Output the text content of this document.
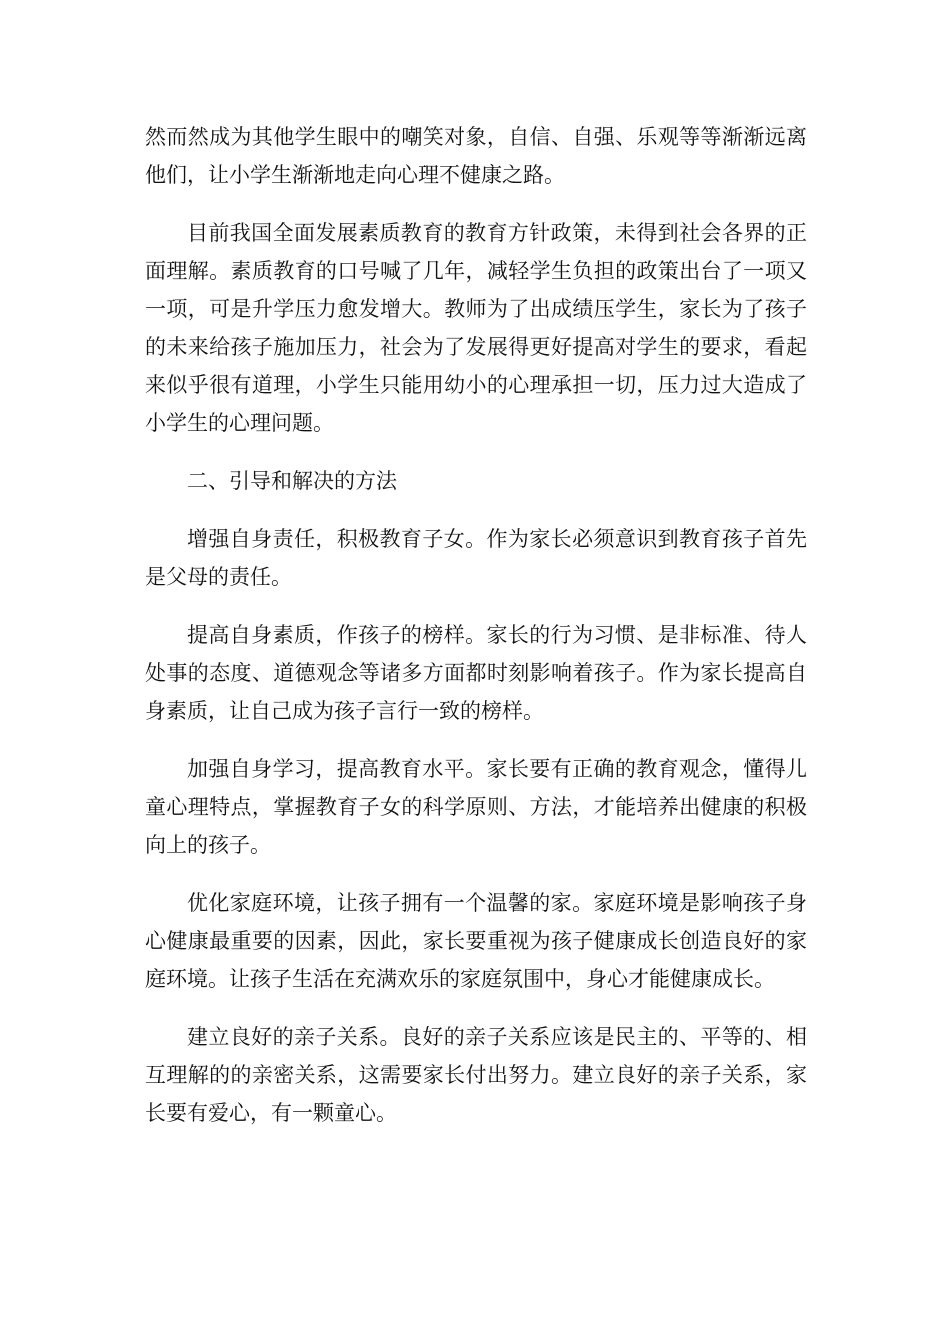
然而然成为其他学生眼中的嘲笑对象，自信、自强、乐观等等渐渐远离他们，让小学生渐渐地走向心理不健康之路。

目前我国全面发展素质教育的教育方针政策，未得到社会各界的正面理解。素质教育的口号喊了几年，减轻学生负担的政策出台了一项又一项，可是升学压力愈发增大。教师为了出成绩压学生，家长为了孩子的未来给孩子施加压力，社会为了发展得更好提高对学生的要求，看起来似乎很有道理，小学生只能用幼小的心理承担一切，压力过大造成了小学生的心理问题。

二、引导和解决的方法

增强自身责任，积极教育子女。作为家长必须意识到教育孩子首先是父母的责任。

提高自身素质，作孩子的榜样。家长的行为习惯、是非标准、待人处事的态度、道德观念等诸多方面都时刻影响着孩子。作为家长提高自身素质，让自己成为孩子言行一致的榜样。

加强自身学习，提高教育水平。家长要有正确的教育观念，懂得儿童心理特点，掌握教育子女的科学原则、方法，才能培养出健康的积极向上的孩子。

优化家庭环境，让孩子拥有一个温馨的家。家庭环境是影响孩子身心健康最重要的因素，因此，家长要重视为孩子健康成长创造良好的家庭环境。让孩子生活在充满欢乐的家庭氛围中，身心才能健康成长。

建立良好的亲子关系。良好的亲子关系应该是民主的、平等的、相互理解的的亲密关系，这需要家长付出努力。建立良好的亲子关系，家长要有爱心，有一颗童心。
